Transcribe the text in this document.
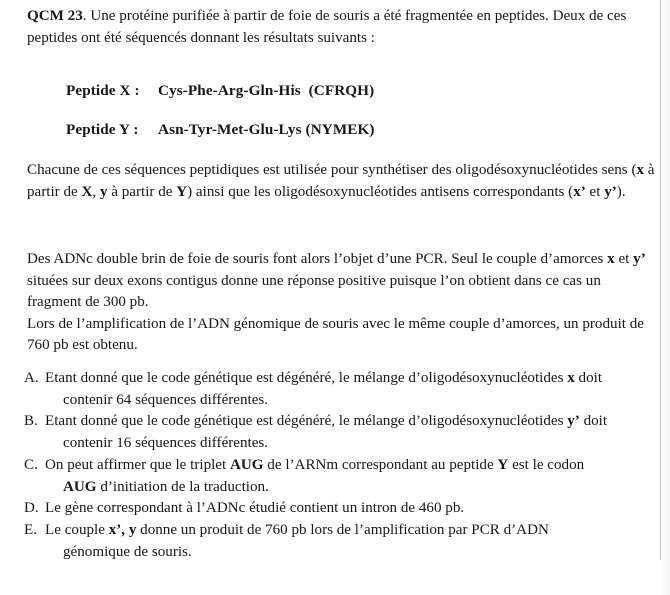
QCM 23. Une protéine purifiée à partir de foie de souris a été fragmentée en peptides. Deux de ces peptides ont été séquencés donnant les résultats suivants :
Peptide X : Cys-Phe-Arg-Gln-His (CFRQH)
Peptide Y : Asn-Tyr-Met-Glu-Lys (NYMEK)
Chacune de ces séquences peptidiques est utilisée pour synthétiser des oligodésoxynucléotides sens (x à partir de X, y à partir de Y) ainsi que les oligodésoxynucléotides antisens correspondants (x’ et y’).
Des ADNc double brin de foie de souris font alors l’objet d’une PCR. Seul le couple d’amorces x et y’ situées sur deux exons contigus donne une réponse positive puisque l’on obtient dans ce cas un fragment de 300 pb.
Lors de l’amplification de l’ADN génomique de souris avec le même couple d’amorces, un produit de 760 pb est obtenu.
A. Etant donné que le code génétique est dégénéré, le mélange d’oligodésoxynucléotides x doit
contenir 64 séquences différentes.
B. Etant donné que le code génétique est dégénéré, le mélange d’oligodésoxynucléotides y’ doit
contenir 16 séquences différentes.
C. On peut affirmer que le triplet AUG de l’ARNm correspondant au peptide Y est le codon
AUG d’initiation de la traduction.
D. Le gène correspondant à l’ADNc étudié contient un intron de 460 pb.
E. Le couple x’, y donne un produit de 760 pb lors de l’amplification par PCR d’ADN
génomique de souris.
